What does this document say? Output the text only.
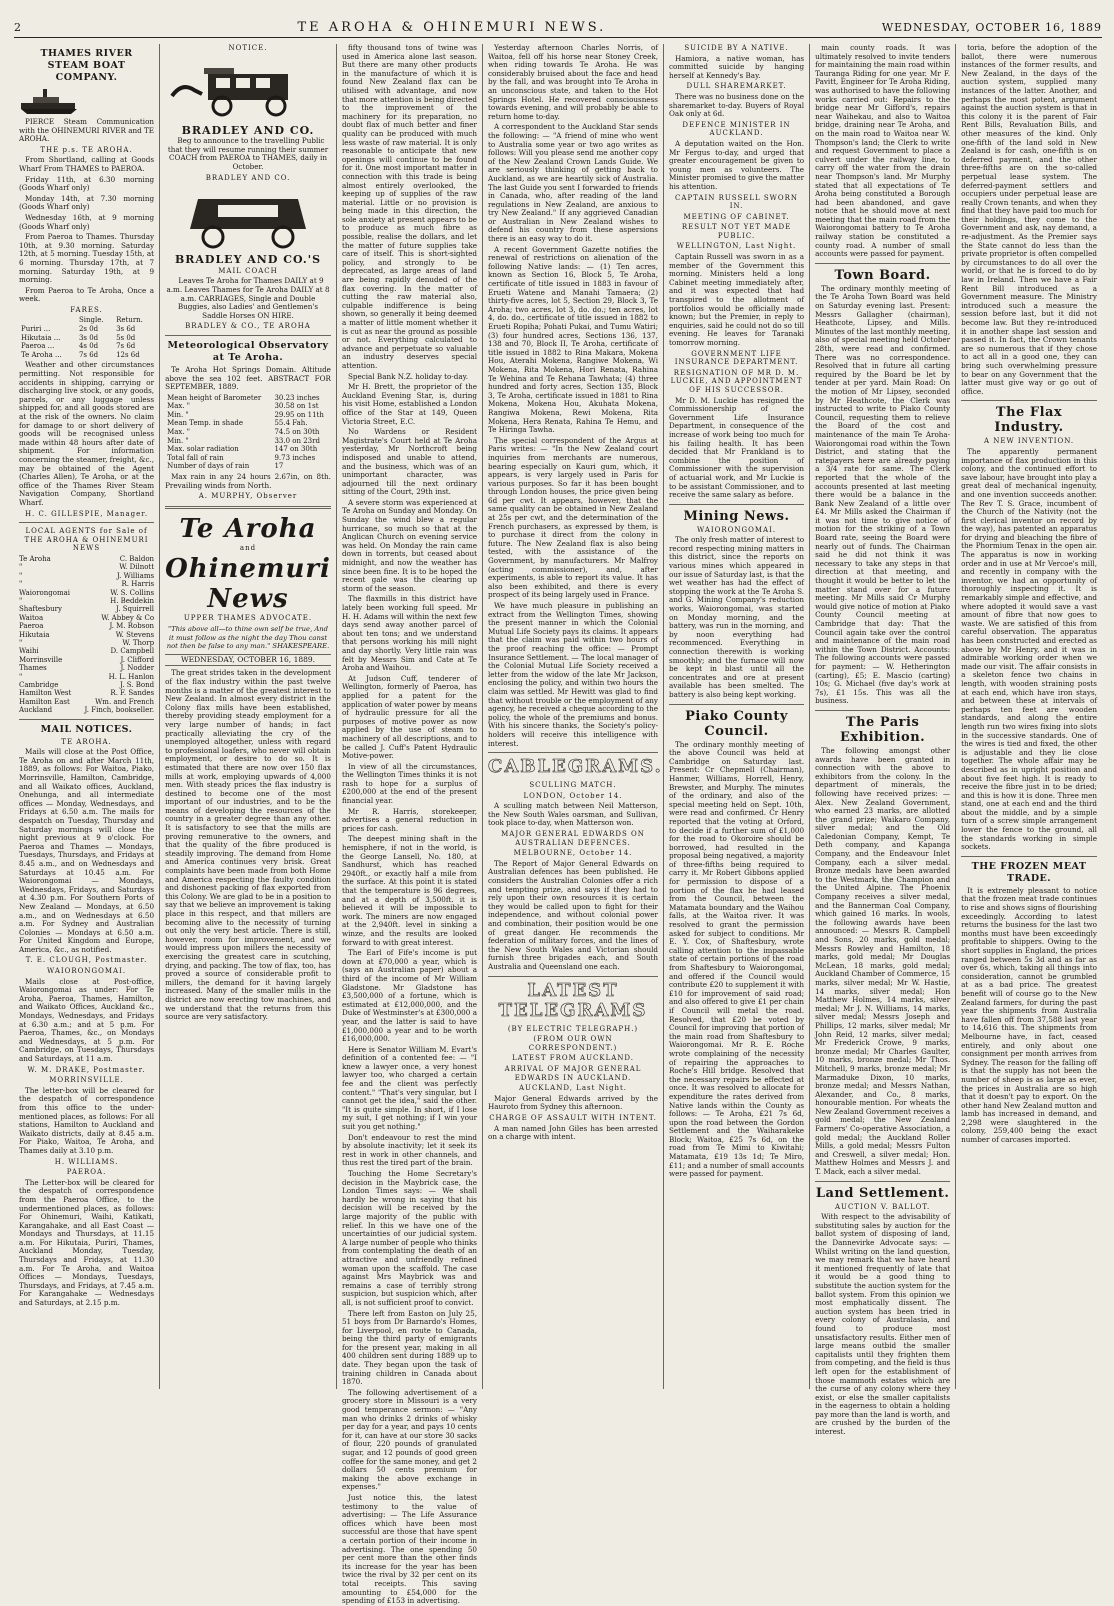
2	TE AROHA & OHINEMURI NEWS.	WEDNESDAY, OCTOBER 16, 1889
THAMES RIVER STEAM BOAT COMPANY.

PIERCE Steam Communication with the OHINEMURI RIVER and TE AROHA.

THE p.s. TE AROHA.

From Shortland, calling at Goods Wharf From THAMES to PAEROA.

Friday 11th, at 6.30 morning (Goods Wharf only)

Monday 14th, at 7.30 morning (Goods Wharf only)

Wednesday 16th, at 9 morning (Goods Wharf only)

From Paeroa to Thames. Thursday 10th, at 9.30 morning. Saturday 12th, at 5 morning. Tuesday 15th, at 6 morning. Thursday 17th, at 7 morning. Saturday 19th, at 9 morning.

From Paeroa to Te Aroha, Once a week.

FARES.
	Single.	Return.
Puriri ...	2s 0d	3s 6d
Hikutaia ...	3s 0d	5s 0d
Paeroa ...	4s 0d	7s 6d
Te Aroha ...	7s 6d	12s 6d

Weather and other circumstances permitting. Not responsible for accidents in shipping, carrying or discharging live stock, or any goods, parcels, or any luggage unless shipped for, and all goods stored are at the risk of the owners. No claim for damage to or short delivery of goods will be recognised unless made within 48 hours after date of shipment. For information concerning the steamer, freight, &c., may be obtained of the Agent (Charles Allen), Te Aroha, or at the office of the Thames River Steam Navigation Company, Shortland Wharf.

H. C. GILLESPIE, Manager.
LOCAL AGENTS for Sale of THE AROHA & OHINEMURI NEWS
Te Aroha	C. Baldon
"	W. Dilnott
"	J. Williams
"	R. Harris
Waiorongomai	W. S. Collins
"	H. Beddekin
Shaftesbury	J. Squirrell
Waitoa	W. Abbey & Co
Paeroa	J. M. Robson
Hikutaia	W. Stevens
"	W. Thorp
Waihi	D. Campbell
Morrinsville	J. Clifford
Thames	J. Nodder
"	H. L. Hanlon
Cambridge	J. S. Bond
Hamilton West	R. F. Sandes
Hamilton East	Wm. and French
Auckland	J. Finch, bookseller.
MAIL NOTICES.
TE AROHA.

Mails will close at the Post Office, Te Aroha on and after March 11th, 1889, as follows: For Waitoa, Piako, Morrinsville, Hamilton, Cambridge, and all Waikato offices, Auckland, Onehunga, and all intermediate offices — Monday, Wednesdays, and Fridays at 6.50 a.m. The mails for despatch on Tuesday, Thursday and Saturday mornings will close the night previous at 9 o'clock. For Paeroa and Thames — Mondays, Tuesdays, Thursdays, and Fridays at 8.45 a.m., and on Wednesdays and Saturdays at 10.45 a.m. For Waiorongomai — Mondays, Wednesdays, Fridays, and Saturdays at 4.30 p.m. For Southern Ports of New Zealand — Mondays, at 6.50 a.m., and on Wednesdays at 6.50 a.m. For Sydney and Australian Colonies — Mondays at 6.50 a.m. For United Kingdom and Europe, America, &c., as notified.

T. E. CLOUGH, Postmaster.
WAIORONGOMAI.

Mails close at Post-office, Waiorongomai as under: For Te Aroha, Paeroa, Thames, Hamilton, and Waikato Offices, Auckland &c., Mondays, Wednesdays, and Fridays at 6.30 a.m.; and at 5 p.m. For Paeroa, Thames, &c., on Mondays and Wednesdays, at 5 p.m. For Cambridge, on Tuesdays, Thursdays and Saturdays, at 11 a.m.

W. M. DRAKE, Postmaster.
MORRINSVILLE.

The letter-box will be cleared for the despatch of correspondence from this office to the under-mentioned places, as follows: For all stations, Hamilton to Auckland and Waikato districts, daily at 8.45 a.m. For Piako, Waitoa, Te Aroha, and Thames daily at 3.10 p.m.

H. WILLIAMS.
PAEROA.

The Letter-box will be cleared for the despatch of correspondence from the Paeroa Office, to the undermentioned places, as follows: For Ohinemuri, Waihi, Katikati, Karangahake, and all East Coast — Mondays and Thursdays, at 11.15 a.m. For Hikutaia, Puriri, Thames, Auckland Monday, Tuesday, Thursdays and Fridays, at 11.30 a.m. For Te Aroha, and Waitoa Offices — Mondays, Tuesdays, Thursdays, and Fridays, at 7.45 a.m. For Karangahake — Wednesdays and Saturdays, at 2.15 p.m.

NOTICE.
BRADLEY AND CO.

Beg to announce to the travelling Public that they will resume running their summer COACH from PAEROA to THAMES, daily in October.

BRADLEY AND CO.
BRADLEY AND CO.'S
MAIL COACH

Leaves Te Aroha for Thames DAILY at 9 a.m. Leaves Thames for Te Aroha DAILY at 8 a.m. CARRIAGES, Single and Double Buggies, also Ladies' and Gentlemen's Saddle Horses ON HIRE.

BRADLEY & CO., TE AROHA
Meteorological Observatory at Te Aroha.

Te Aroha Hot Springs Domain. Altitude above the sea 102 feet. ABSTRACT FOR SEPTEMBER, 1889.

Mean height of Barometer	30.23 inches
Max. "	30.58 on 1st
Min. "	29.95 on 11th
Mean Temp. in shade	55.4 Fah.
Max. "	74.5 on 30th
Min. "	33.0 on 23rd
Max. solar radiation	147 on 30th
Total fall of rain	9.73 inches
Number of days of rain	17

Max rain in any 24 hours 2.67in, on 8th. Prevailing winds from North.

A. MURPHY, Observer
Te Aroha
and
Ohinemuri News
UPPER THAMES ADVOCATE.
"This above all—to thine own self be true, And it must follow as the night the day Thou canst not then be false to any man." SHAKESPEARE.
WEDNESDAY, OCTOBER 16, 1889.

The great strides taken in the development of the flax industry within the past twelve months is a matter of the greatest interest to New Zealand. In almost every district in the Colony flax mills have been established, thereby providing steady employment for a very large number of hands; in fact practically alleviating the cry of the unemployed altogether, unless with regard to professional loafers, who never will obtain employment, or desire to do so. It is estimated that there are now over 150 flax mills at work, employing upwards of 4,000 men. With steady prices the flax industry is destined to become one of the most important of our industries, and to be the means of developing the resources of the country in a greater degree than any other. It is satisfactory to see that the mills are proving remunerative to the owners, and that the quality of the fibre produced is steadily improving. The demand from Home and America continues very brisk. Great complaints have been made from both Home and America respecting the faulty condition and dishonest packing of flax exported from this Colony. We are glad to be in a position to say that we believe an improvement is taking place in this respect, and that millers are becoming alive to the necessity of turning out only the very best article. There is still, however, room for improvement, and we would impress upon millers the necessity of exercising the greatest care in scutching, drying, and packing. The tow of flax, too, has proved a source of considerable profit to millers, the demand for it having largely increased. Many of the smaller mills in the district are now erecting tow machines, and we understand that the returns from this source are very satisfactory.

fifty thousand tons of twine was used in America alone last season. But there are many other products in the manufacture of which it is found New Zealand flax can be utilised with advantage, and now that more attention is being directed to the improvement of the machinery for its preparation, no doubt flax of much better and finer quality can be produced with much less waste of raw material. It is only reasonable to anticipate that new openings will continue to be found for it. One most important matter in connection with this trade is being almost entirely overlooked, the keeping up of supplies of the raw material. Little or no provision is being made in this direction, the sole anxiety at present appears to be to produce as much fibre as possible, realise the dollars, and let the matter of future supplies take care of itself. This is short-sighted policy, and strongly to be deprecated, as large areas of land are being rapidly denuded of the flax covering. In the matter of cutting the raw material also, culpable indifference is being shown, so generally it being deemed a matter of little moment whether it is cut as near the ground as possible or not. Everything calculated to advance and perpetuate so valuable an industry deserves special attention.

Special Bank N.Z. holiday to-day.

Mr H. Brett, the proprietor of the Auckland Evening Star, is, during his visit Home, established a London office of the Star at 149, Queen Victoria Street, E.C.

No Wardens or Resident Magistrate's Court held at Te Aroha yesterday, Mr Northcroft being indisposed and unable to attend, and the business, which was of an unimportant character, was adjourned till the next ordinary sitting of the Court, 29th inst.

A severe storm was experienced at Te Aroha on Sunday and Monday. On Sunday the wind blew a regular hurricane, so much so that at the Anglican Church on evening service was held. On Monday the rain came down in torrents, but ceased about midnight, and now the weather has since been fine. It is to be hoped the recent gale was the clearing up storm of the season.

The flaxmills in this district have lately been working full speed. Mr H. H. Adams will within the next few days send away another parcel of about ten tons; and we understand that persons working his mill night and day shortly. Very little rain was felt by Messrs Sim and Cate at Te Aroha and Waihou.

At Judson Cuff, tenderer of Wellington, formerly of Paeroa, has applied for a patent for the application of water power by means of hydraulic pressure for all the purposes of motive power as now applied by the use of steam to machinery of all descriptions, and to be called J. Cuff's Patent Hydraulic Motive-power.

In view of all the circumstances, the Wellington Times thinks it is not rash to hope for a surplus of £200,000 at the end of the present financial year.

Mr R. Harris, storekeeper, advertises a general reduction in prices for cash.

The deepest mining shaft in the hemisphere, if not in the world, is the George Lansell, No. 180, at Sandhurst, which has reached 2940ft., or exactly half a mile from the surface. At this point it is stated that the temperature is 96 degrees, and at a depth of 3,500ft. it is believed it will be impossible to work. The miners are now engaged at the 2,940ft. level in sinking a winze, and the results are looked forward to with great interest.

The Earl of Fife's income is put down at £70,000 a year, which is (says an Australian paper) about a third of the income of Mr William Gladstone. Mr Gladstone has £3,500,000 of a fortune, which is estimated at £12,000,000, and the Duke of Westminster's at £300,000 a year, and the latter is said to have £1,000,000 a year and to be worth £16,000,000.

Here is Senator William M. Evart's definition of a contented fee: — "I knew a lawyer once, a very honest lawyer too, who charged a certain fee and the client was perfectly content." "That's very singular, but I cannot get the idea," said the other. "It is quite simple. In short, if I lose my suit, I get nothing; if I win your suit you get nothing."

Don't endeavour to rest the mind by absolute inactivity; let it seek its rest in work in other channels, and thus rest the tired part of the brain.

Touching the Home Secretary's decision in the Maybrick case, the London Times says: — We shall hardly be wrong in saying that his decision will be received by the large majority of the public with relief. In this we have one of the uncertainties of our judicial system. A large number of people who thinks from contemplating the death of an attractive and unfriendly refined woman upon the scaffold. The case against Mrs Maybrick was and remains a case of terribly strong suspicion, but suspicion which, after all, is not sufficient proof to convict.

There left from Easton on July 25, 51 boys from Dr Barnardo's Homes, for Liverpool, en route to Canada, being the third party of emigrants for the present year, making in all 400 children sent during 1889 up to date. They began upon the task of training children in Canada about 1870.

The following advertisement of a grocery store in Missouri is a very good temperance sermon: — "Any man who drinks 2 drinks of whisky per day for a year, and pays 10 cents for it, can have at our store 30 sacks of flour, 220 pounds of granulated sugar, and 12 pounds of good green coffee for the same money, and get 2 dollars 50 cents premium for making the above exchange in expenses."

Just notice this, the latest testimony to the value of advertising: — The Life Assurance offices which have been most successful are those that have spent a certain portion of their income in advertising. The one spending 50 per cent more than the other finds its increase for the year has been twice the rival by 32 per cent on its total receipts. This saving amounting to £54,000 for the spending of £153 in advertising.

Yesterday afternoon Charles Norris, of Waitoa, fell off his horse near Stoney Creek, when riding towards Te Aroha. He was considerably bruised about the face and head by the fall, and was brought into Te Aroha in an unconscious state, and taken to the Hot Springs Hotel. He recovered consciousness towards evening, and will probably be able to return home to-day.

A correspondent to the Auckland Star sends the following: — "A friend of mine who went to Australia some year or two ago writes as follows: Will you please send me another copy of the New Zealand Crown Lands Guide. We are seriously thinking of getting back to Auckland, as we are heartily sick of Australia. The last Guide you sent I forwarded to friends in Canada, who, after reading of the land regulations in New Zealand, are anxious to try New Zealand." If any aggrieved Canadian or Australian in New Zealand wishes to defend his country from these aspersions there is an easy way to do it.

A recent Government Gazette notifies the renewal of restrictions on alienation of the following Native lands: — (1) Ten acres, known as Section 16, Block 5, Te Aroha, certificate of title issued in 1883 in favour of Erueti Watene and Manahi Tamaera; (2) thirty-five acres, lot 5, Section 29, Block 3, Te Aroha; two acres, lot 3, do. do.; ten acres, lot 4, do. do., certificate of title issued in 1882 to Erueti Ropiha; Pohati Pukai, and Tumu Watiri; (3) four hundred acres, Sections 136, 137, 138 and 70, Block II, Te Aroha, certificate of title issued in 1882 to Rina Makara, Mokena Hou, Aterahi Mokena, Rangiwe Mokena, Wi Mokena, Rita Mokena, Hori Renata, Rahina Te Wehina and Te Rehana Tawhata; (4) three hundred and forty acres, Section 135, Block 3, Te Aroha, certificate issued in 1881 to Rina Mokena, Mokena Hou, Akuhata Mokena, Rangiwa Mokena, Rewi Mokena, Rita Mokena, Hera Renata, Rahina Te Hemu, and Te Hiringa Tawha.

The special correspondent of the Argus at Paris writes: — "In the New Zealand court inquiries from merchants are numerous, bearing especially on Kauri gum, which, it appears, is very largely used in Paris for various purposes. So far it has been bought through London houses, the price given being 6d per cwt. It appears, however, that the same quality can be obtained in New Zealand at 25s per cwt, and the determination of the French purchasers, as expressed by them, is to purchase it direct from the colony in future. The New Zealand flax is also being tested, with the assistance of the Government, by manufacturers. Mr Malfroy (acting commissioner), and, after experiments, is able to report its value. It has also been exhibited, and there is every prospect of its being largely used in France.

We have much pleasure in publishing an extract from the Wellington Times, showing the present manner in which the Colonial Mutual Life Society pays its claims. It appears that the claim was paid within two hours of the proof reaching the office: — Prompt Insurance Settlement. — The local manager of the Colonial Mutual Life Society received a letter from the widow of the late Mr Jackson, enclosing the policy, and within two hours the claim was settled. Mr Hewitt was glad to find that without trouble or the employment of any agency, he received a cheque according to the policy, the whole of the premiums and bonus. With his sincere thanks, the Society's policy-holders will receive this intelligence with interest.

CABLEGRAMS.
SCULLING MATCH.
LONDON, October 14.

A sculling match between Neil Matterson, the New South Wales oarsman, and Sullivan, took place to-day, when Matterson won.

MAJOR GENERAL EDWARDS ON AUSTRALIAN DEFENCES.
MELBOURNE, October 14.

The Report of Major General Edwards on Australian defences has been published. He considers the Australian Colonies offer a rich and tempting prize, and says if they had to rely upon their own resources it is certain they would be called upon to fight for their independence, and without colonial power and combination, their position would be one of great danger. He recommends the federation of military forces, and the lines of the New South Wales and Victorian should furnish three brigades each, and South Australia and Queensland one each.

LATEST TELEGRAMS
(BY ELECTRIC TELEGRAPH.)
(FROM OUR OWN CORRESPONDENT.)
LATEST FROM AUCKLAND.
ARRIVAL OF MAJOR GENERAL EDWARDS IN AUCKLAND.
AUCKLAND, Last Night.

Major General Edwards arrived by the Hauroto from Sydney this afternoon.

CHARGE OF ASSAULT WITH INTENT.

A man named John Giles has been arrested on a charge with intent.

SUICIDE BY A NATIVE.

Hamiora, a native woman, has committed suicide by hanging herself at Kennedy's Bay.

DULL SHAREMARKET.

There was no business done on the sharemarket to-day. Buyers of Royal Oak only at 6d.

DEFENCE MINISTER IN AUCKLAND.

A deputation waited on the Hon. Mr Fergus to-day, and urged that greater encouragement be given to young men as volunteers. The Minister promised to give the matter his attention.

CAPTAIN RUSSELL SWORN IN.
MEETING OF CABINET.
RESULT NOT YET MADE PUBLIC.
WELLINGTON, Last Night.

Captain Russell was sworn in as a member of the Government this morning. Ministers held a long Cabinet meeting immediately after, and it was expected that had transpired to the allotment of portfolios would be officially made known; but the Premier, in reply to enquiries, said he could not do so till evening. He leaves for Taranaki tomorrow morning.

GOVERNMENT LIFE INSURANCE DEPARTMENT.
RESIGNATION OF MR D. M. LUCKIE, AND APPOINTMENT OF HIS SUCCESSOR.

Mr D. M. Luckie has resigned the Commissionership of the Government Life Insurance Department, in consequence of the increase of work being too much for his failing health. It has been decided that Mr Frankland is to combine the position of Commissioner with the supervision of actuarial work, and Mr Luckie is to be assistant Commissioner, and to receive the same salary as before.

Mining News.
WAIORONGOMAI.

The only fresh matter of interest to record respecting mining matters in this district, since the reports on various mines which appeared in our issue of Saturday last, is that the wet weather has had the effect of stopping the work at the Te Aroha S. and G. Mining Company's reduction works, Waiorongomai, was started on Monday morning, and the battery, was run in the morning, and by noon everything had recommenced. Everything in connection therewith is working smoothly; and the furnace will now be kept in blast until all the concentrates and ore at present available has been smelted. The battery is also being kept working.

Piako County Council.

The ordinary monthly meeting of the above Council was held at Cambridge on Saturday last. Present: Cr Chepmell (Chairman), Hanmer, Williams, Horrell, Henry, Brewster, and Murphy. The minutes of the ordinary, and also of the special meeting held on Sept. 10th, were read and confirmed. Cr Henry reported that the voting at Orford, to decide if a further sum of £1,000 for the road to Okoroire should be borrowed, had resulted in the proposal being negatived, a majority of three-fifths being required to carry it. Mr Robert Gibbons applied for permission to dispose of a portion of the flax he had leased from the Council, between the Matamata boundary and the Waihou falls, at the Waitoa river. It was resolved to grant the permission asked for subject to conditions. Mr E. Y. Cox, of Shaftesbury, wrote calling attention to the impassable state of certain portions of the road from Shaftesbury to Waiorongomai, and offered if the Council would contribute £20 to supplement it with £10 for improvement of said road; and also offered to give £1 per chain if Council will metal the road. Resolved, that £20 be voted by Council for improving that portion of the main road from Shaftesbury to Waiorongomai. Mr R. E. Roche wrote complaining of the necessity of repairing the approaches to Roche's Hill bridge. Resolved that the necessary repairs be effected at once. It was resolved to allocate for expenditure the rates derived from Native lands within the County as follows: — Te Aroha, £21 7s 6d, upon the road between the Gordon Settlement and the Waiharakeke Block; Waitoa, £25 7s 6d, on the road from Te Mimi to Kiwitahi; Matamata, £19 13s 1d; Te Miro, £11; and a number of small accounts were passed for payment.

main county roads. It was ultimately resolved to invite tenders for maintaining the main road within Tauranga Riding for one year. Mr F. Pavitt, Engineer for Te Aroha Riding, was authorised to have the following works carried out: Repairs to the bridge near Mr Gifford's, repairs near Waihekau, and also to Waitoa bridge, draining near Te Aroha, and on the main road to Waitoa near W. Thompson's land; the Clerk to write and request Government to place a culvert under the railway line, to carry off the water from the drain near Thompson's land. Mr Murphy stated that all expectations of Te Aroha being constituted a Borough had been abandoned, and gave notice that he should move at next meeting that the main road from the Waiorongomai battery to Te Aroha railway station be constituted a county road. A number of small accounts were passed for payment.

Town Board.

The ordinary monthly meeting of the Te Aroha Town Board was held on Saturday evening last. Present: Messrs Gallagher (chairman), Heathcote, Lipsey, and Mills. Minutes of the last monthly meeting, also of special meeting held October 28th, were read and confirmed. There was no correspondence. Resolved that in future all carting required by the Board be let by tender at per yard. Main Road: On the motion of Mr Lipsey, seconded by Mr Heathcote, the Clerk was instructed to write to Piako County Council, requesting them to relieve the Board of the cost and maintenance of the main Te Aroha-Waiorongomai road within the Town District, and stating that the ratepayers here are already paying a 3/4 rate for same. The Clerk reported that the whole of the accounts presented at last meeting there would be a balance in the Bank New Zealand of a little over £4. Mr Mills asked the Chairman if it was not time to give notice of motion for the striking of a Town Board rate, seeing the Board were nearly out of funds. The Chairman said he did not think it was necessary to take any steps in that direction at that meeting, and thought it would be better to let the matter stand over for a future meeting. Mr Mills said Cr Murphy would give notice of motion at Piako County Council meeting at Cambridge that day: That the Council again take over the control and maintenance of the main road within the Town District. Accounts: The following accounts were passed for payment: — W. Hetherington (carting), £5; E. Mascio (carting) 10s; G. Michael (five day's work at 7s), £1 15s. This was all the business.

The Paris Exhibition.

The following amongst other awards have been granted in connection with the above to exhibitors from the colony. In the department of minerals, the following have received prizes: — Alex. New Zealand Government, who earned 23 marks, are allotted the grand prize; Waikaro Company, silver medal; and the Old Caledonian Company, Kempt, Te Deth company, and Kapanga Company, and the Endeavour Inlet Company, each a silver medal. Bronze medals have been awarded to the Westmark, the Champion and the United Alpine. The Phoenix Company receives a silver medal, and the Bannerman Coal Company, which gained 16 marks. In wools, the following awards have been announced: — Messrs R. Campbell and Sons, 20 marks, gold medal; Messrs Rowley and Hamilton, 18 marks, gold medal; Mr Douglas McLean, 18 marks, gold medal; Auckland Chamber of Commerce, 15 marks, silver medal; Mr W. Hastie, 14 marks, silver medal; Hon Matthew Holmes, 14 marks, silver medal; Mr J. N. Williams, 14 marks, silver medal; Messrs Joseph and Phillips, 12 marks, silver medal; Mr John Reid, 12 marks, silver medal; Mr Frederick Crowe, 9 marks, bronze medal; Mr Charles Gaulter, 10 marks, bronze medal; Mr Thos. Mitchell, 9 marks, bronze medal; Mr Marmaduke Dixon, 10 marks, bronze medal; and Messrs Nathan, Alexander, and Co., 8 marks, honourable mention. For wheats the New Zealand Government receives a gold medal; the New Zealand Farmers' Co-operative Association, a gold medal; the Auckland Roller Mills, a gold medal; Messrs Fulton and Creswell, a silver medal; Hon. Matthew Holmes and Messrs J. and T. Mack, each a silver medal.

Land Settlement.
AUCTION V. BALLOT.

With respect to the advisability of substituting sales by auction for the ballot system of disposing of land, the Dannevirke Advocate says: — Whilst writing on the land question, we may remark that we have heard it mentioned frequently of late that it would be a good thing to substitute the auction system for the ballot system. From this opinion we most emphatically dissent. The auction system has been tried in every colony of Australasia, and found to produce most unsatisfactory results. Either men of large means outbid the smaller capitalists until they frighten them from competing, and the field is thus left open for the establishment of those mammoth estates which are the curse of any colony where they exist, or else the smaller capitalists in the eagerness to obtain a holding pay more than the land is worth, and are crushed by the burden of the interest.

toria, before the adoption of the ballot, there were numerous instances of the former results, and New Zealand, in the days of the auction system, supplied many instances of the latter. Another, and perhaps the most potent, argument against the auction system is that in this colony it is the parent of Fair Rent Bills, Revaluation Bills, and other measures of the kind. Only one-fifth of the land sold in New Zealand is for cash, one-fifth is on deferred payment, and the other three-fifths are on the so-called perpetual lease system. The deferred-payment settlers and occupiers under perpetual lease are really Crown tenants, and when they find that they have paid too much for their holdings, they come to the Government and ask, nay demand, a re-adjustment. As the Premier says the State cannot do less than the private proprietor is often compelled by circumstances to do all over the world, or that he is forced to do by law in Ireland. Then we have a Fair Rent Bill introduced as a Government measure. The Ministry introduced such a measure the session before last, but it did not become law. But they re-introduced it in another shape last session and passed it. In fact, the Crown tenants are so numerous that if they chose to act all in a good one, they can bring such overwhelming pressure to bear on any Government that the latter must give way or go out of office.

The Flax Industry.
A NEW INVENTION.

The apparently permanent importance of flax production in this colony, and the continued effort to save labour, have brought into play a great deal of mechanical ingenuity, and one invention succeeds another. The Rev T. S. Grace, incumbent of the Church of the Nativity (not the first clerical inventor on record by the way), has patented an apparatus for drying and bleaching the fibre of the Phormium Tenax in the open air. The apparatus is now in working order and in use at Mr Vercoe's mill, and recently in company with the inventor, we had an opportunity of thoroughly inspecting it. It is remarkably simple and effective, and where adopted it would save a vast amount of fibre that now goes to waste. We are satisfied of this from careful observation. The apparatus has been constructed and erected as above by Mr Henry, and it was in admirable working order when we made our visit. The affair consists in a skeleton fence two chains in length, with wooden straining posts at each end, which have iron stays, and between these at intervals of perhaps ten feet are wooden standards, and along the entire length run two wires fixing into slots in the successive standards. One of the wires is tied and fixed, the other is adjustable and they lie close together. The whole affair may be described as in upright position and about five feet high. It is ready to receive the fibre just in to be dried; and this is how it is done. Three men stand, one at each end and the third about the middle, and by a simple turn of a screw simple arrangement lower the fence to the ground, all the standards working in simple sockets.

THE FROZEN MEAT TRADE.

It is extremely pleasant to notice that the frozen meat trade continues to rise and shows signs of flourishing exceedingly. According to latest returns the business for the last two months must have been exceedingly profitable to shippers. Owing to the short supplies in England, the prices ranged between 5s 3d and as far as over 6s, which, taking all things into consideration, cannot be grumbled at as a bad price. The greatest benefit will of course go to the New Zealand farmers, for during the past year the shipments from Australia have fallen off from 37,588 last year to 14,616 this. The shipments from Melbourne have, in fact, ceased entirely, and only about one consignment per month arrives from Sydney. The reason for the falling off is that the supply has not been the number of sheep is as large as ever, the prices in Australia are so high that it doesn't pay to export. On the other hand New Zealand mutton and lamb has increased in demand, and 2,298 were slaughtered in the colony, 259,400 being the exact number of carcases imported.
